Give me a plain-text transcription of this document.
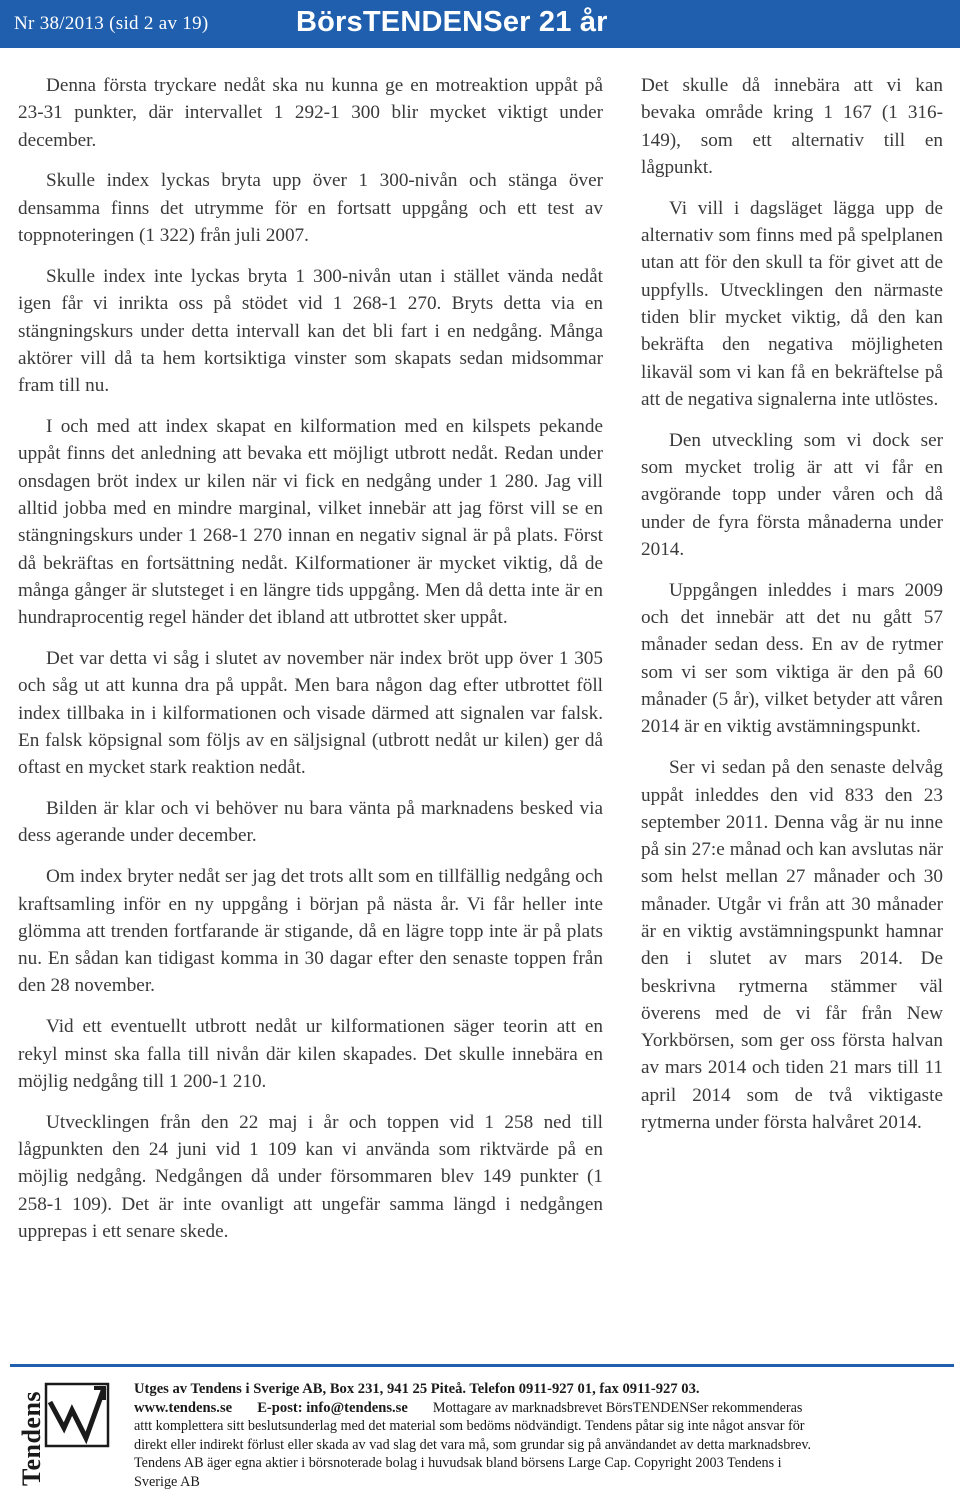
Nr 38/2013 (sid 2 av 19)	BörsTENDENSer 21 år

Denna första tryckare nedåt ska nu kunna ge en motreaktion uppåt på 23-31 punkter, där intervallet 1 292-1 300 blir mycket viktigt under december.

Skulle index lyckas bryta upp över 1 300-nivån och stänga över densamma finns det utrymme för en fortsatt uppgång och ett test av toppnoteringen (1 322) från juli 2007.

Skulle index inte lyckas bryta 1 300-nivån utan i stället vända nedåt igen får vi inrikta oss på stödet vid 1 268-1 270. Bryts detta via en stängningskurs under detta intervall kan det bli fart i en nedgång. Många aktörer vill då ta hem kortsiktiga vinster som skapats sedan midsommar fram till nu.

I och med att index skapat en kilformation med en kilspets pekande uppåt finns det anledning att bevaka ett möjligt utbrott nedåt. Redan under onsdagen bröt index ur kilen när vi fick en nedgång under 1 280. Jag vill alltid jobba med en mindre marginal, vilket innebär att jag först vill se en stängningskurs under 1 268-1 270 innan en negativ signal är på plats. Först då bekräftas en fortsättning nedåt. Kilformationer är mycket viktig, då de många gånger är slutsteget i en längre tids uppgång. Men då detta inte är en hundraprocentig regel händer det ibland att utbrottet sker uppåt.

Det var detta vi såg i slutet av november när index bröt upp över 1 305 och såg ut att kunna dra på uppåt. Men bara någon dag efter utbrottet föll index tillbaka in i kilformationen och visade därmed att signalen var falsk. En falsk köpsignal som följs av en säljsignal (utbrott nedåt ur kilen) ger då oftast en mycket stark reaktion nedåt.

Bilden är klar och vi behöver nu bara vänta på marknadens besked via dess agerande under december.

Om index bryter nedåt ser jag det trots allt som en tillfällig nedgång och kraftsamling inför en ny uppgång i början på nästa år. Vi får heller inte glömma att trenden fortfarande är stigande, då en lägre topp inte är på plats nu. En sådan kan tidigast komma in 30 dagar efter den senaste toppen från den 28 november.

Vid ett eventuellt utbrott nedåt ur kilformationen säger teorin att en rekyl minst ska falla till nivån där kilen skapades. Det skulle innebära en möjlig nedgång till 1 200-1 210.

Utvecklingen från den 22 maj i år och toppen vid 1 258 ned till lågpunkten den 24 juni vid 1 109 kan vi använda som riktvärde på en möjlig nedgång. Nedgången då under försommaren blev 149 punkter (1 258-1 109). Det är inte ovanligt att ungefär samma längd i nedgången upprepas i ett senare skede.

Det skulle då innebära att vi kan bevaka område kring 1 167 (1 316-149), som ett alternativ till en lågpunkt.

Vi vill i dagsläget lägga upp de alternativ som finns med på spelplanen utan att för den skull ta för givet att de uppfylls. Utvecklingen den närmaste tiden blir mycket viktig, då den kan bekräfta den negativa möjligheten likaväl som vi kan få en bekräftelse på att de negativa signalerna inte utlöstes.

Den utveckling som vi dock ser som mycket trolig är att vi får en avgörande topp under våren och då under de fyra första månaderna under 2014.

Uppgången inleddes i mars 2009 och det innebär att det nu gått 57 månader sedan dess. En av de rytmer som vi ser som viktiga är den på 60 månader (5 år), vilket betyder att våren 2014 är en viktig avstämningspunkt.

Ser vi sedan på den senaste delvåg uppåt inleddes den vid 833 den 23 september 2011. Denna våg är nu inne på sin 27:e månad och kan avslutas när som helst mellan 27 månader och 30 månader. Utgår vi från att 30 månader är en viktig avstämningspunkt hamnar den i slutet av mars 2014. De beskrivna rytmerna stämmer väl överens med de vi får från New Yorkbörsen, som ger oss första halvan av mars 2014 och tiden 21 mars till 11 april 2014 som de två viktigaste rytmerna under första halvåret 2014.

Tendens
Utges av Tendens i Sverige AB, Box 231, 941 25 Piteå. Telefon 0911-927 01, fax 0911-927 03.
www.tendens.se E-post: info@tendens.se Mottagare av marknadsbrevet BörsTENDENSer rekommenderas
attt komplettera sitt beslutsunderlag med det material som bedöms nödvändigt. Tendens påtar sig inte något ansvar för
direkt eller indirekt förlust eller skada av vad slag det vara må, som grundar sig på användandet av detta marknadsbrev.
Tendens AB äger egna aktier i börsnoterade bolag i huvudsak bland börsens Large Cap. Copyright 2003 Tendens i
Sverige AB
